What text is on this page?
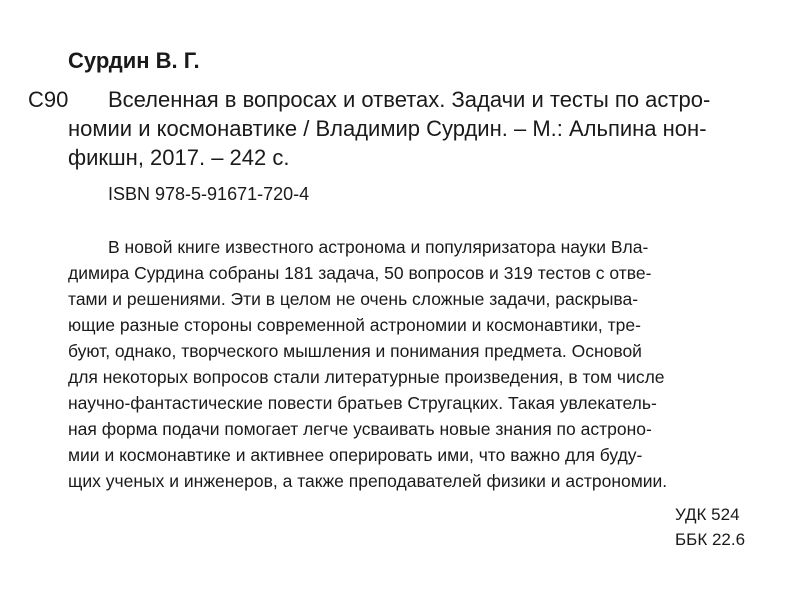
Сурдин В. Г.
С90 Вселенная в вопросах и ответах. Задачи и тесты по астро-
номии и космонавтике / Владимир Сурдин. – М.: Альпина нон-
фикшн, 2017. – 242 с.
ISBN 978-5-91671-720-4
В новой книге известного астронома и популяризатора науки Вла-
димира Сурдина собраны 181 задача, 50 вопросов и 319 тестов с отве-
тами и решениями. Эти в целом не очень сложные задачи, раскрыва-
ющие разные стороны современной астрономии и космонавтики, тре-
буют, однако, творческого мышления и понимания предмета. Основой
для некоторых вопросов стали литературные произведения, в том числе
научно-фантастические повести братьев Стругацких. Такая увлекатель-
ная форма подачи помогает легче усваивать новые знания по астроно-
мии и космонавтике и активнее оперировать ими, что важно для буду-
щих ученых и инженеров, а также преподавателей физики и астрономии.
УДК 524
ББК 22.6
